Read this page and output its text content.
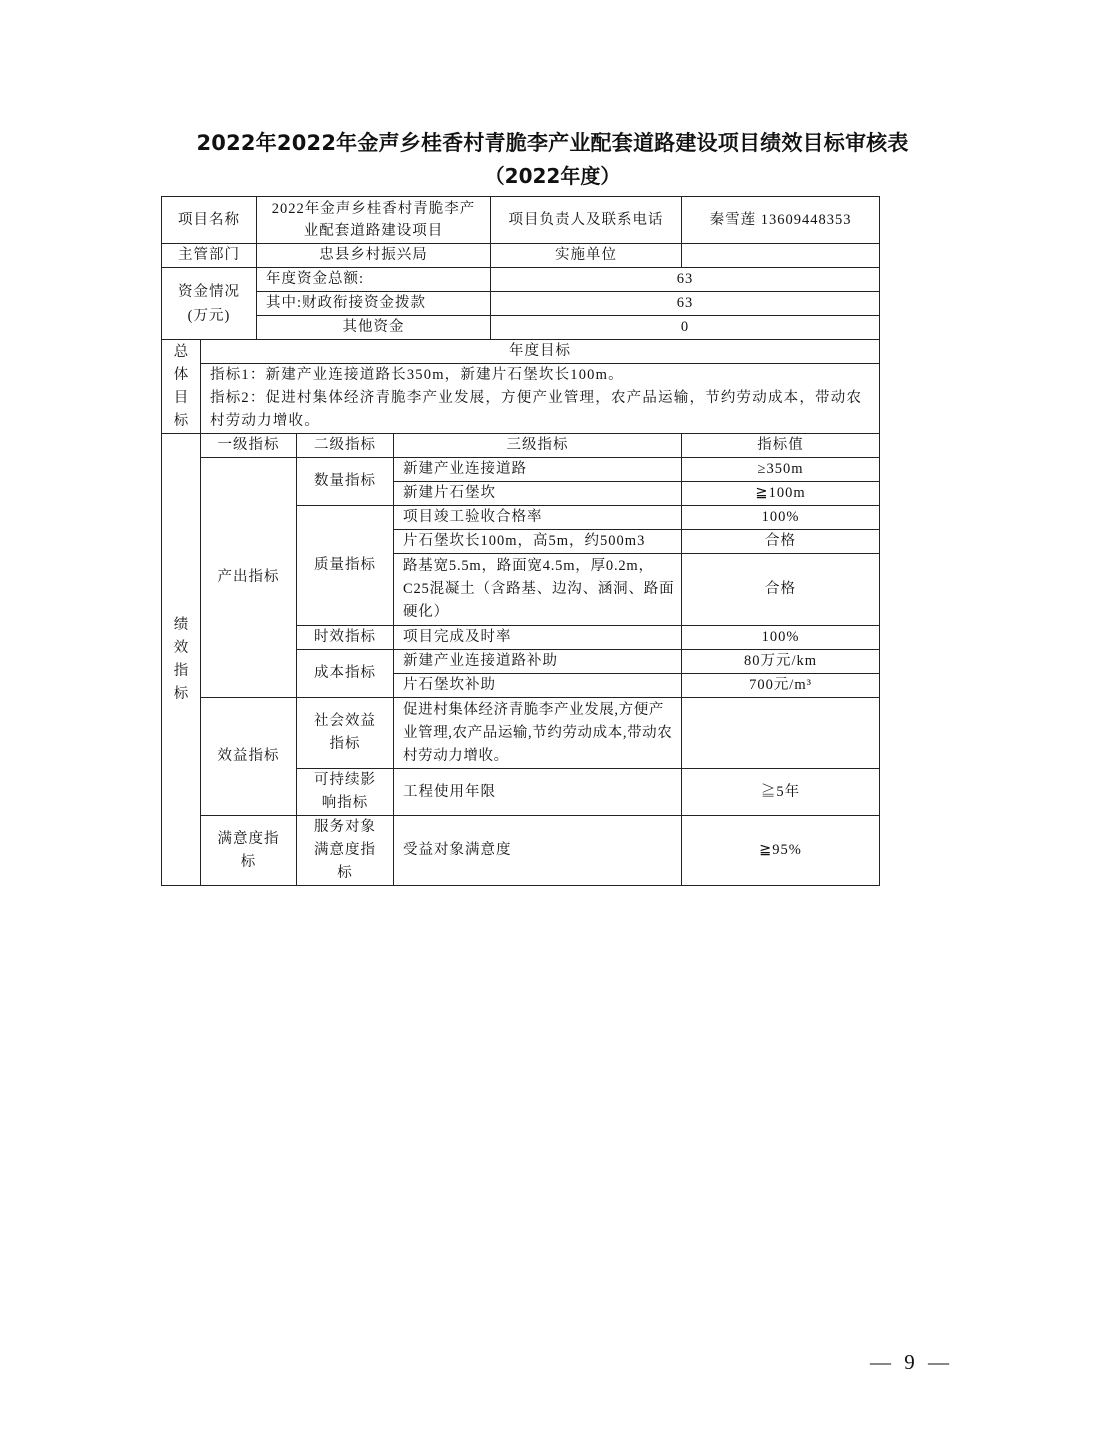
2022年2022年金声乡桂香村青脆李产业配套道路建设项目绩效目标审核表
（2022年度）
项目名称		2022年金声乡桂香村青脆李产业配套道路建设项目			项目负责人及联系电话	秦雪莲 13609448353
主管部门		忠县乡村振兴局			实施单位	
资金情况(万元)		年度资金总额:			63	
		其中:财政衔接资金拨款			63	
		其他资金			0	

总体目标	年度目标					

	指标1：新建产业连接道路长350m，新建片石堡坎长100m。
指标2：促进村集体经济青脆李产业发展，方便产业管理，农产品运输，节约劳动成本，带动农村劳动力增收。					

绩效指标	一级指标		二级指标	三级指标		指标值
	产出指标		数量指标	新建产业连接道路		≥350m
				新建片石堡坎		≧100m
			质量指标	项目竣工验收合格率		100%
				片石堡坎长100m，高5m，约500m3		合格
				路基宽5.5m，路面宽4.5m，厚0.2m，C25混凝土（含路基、边沟、涵洞、路面硬化）		合格
			时效指标	项目完成及时率		100%
			成本指标	新建产业连接道路补助		80万元/km
				片石堡坎补助		700元/m³
	效益指标		社会效益指标	促进村集体经济青脆李产业发展,方便产业管理,农产品运输,节约劳动成本,带动农村劳动力增收。		
			可持续影响指标	工程使用年限		≧5年
	满意度指标		服务对象满意度指标	受益对象满意度		≧95%
— 9 —
